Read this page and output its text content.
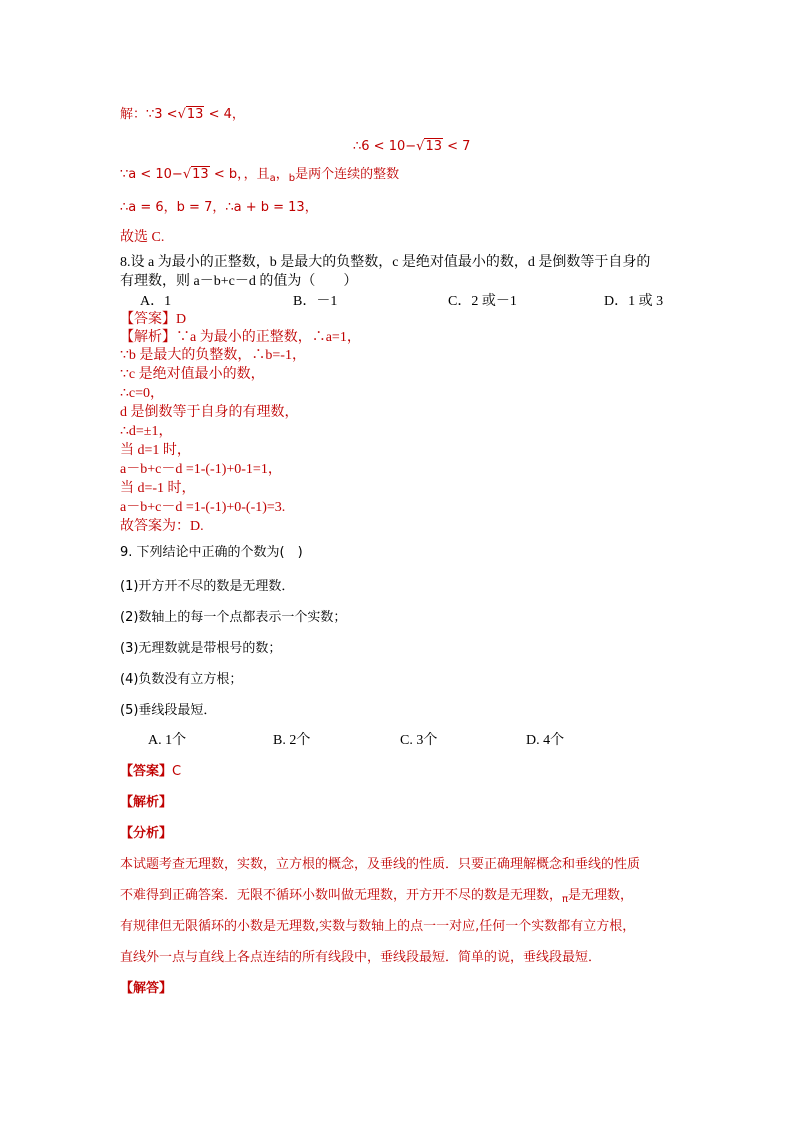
解：∵3 <√13 < 4，
∴6 < 10−√13 < 7
∵a < 10−√13 < b，，且$_a$，$_b$是两个连续的整数
∴a = 6，b = 7，∴a + b = 13，
故选 C.
8.设 a 为最小的正整数，b 是最大的负整数，c 是绝对值最小的数，d 是倒数等于自身的
有理数，则 a－b+c－d 的值为（　　）
A．1	B．－1	C．2 或－1	D．1 或 3
【答案】D
【解析】∵a 为最小的正整数，∴a=1，
∵b 是最大的负整数，∴b=-1，
∵c 是绝对值最小的数，
∴c=0，
d 是倒数等于自身的有理数，
∴d=±1，
当 d=1 时，
a－b+c－d =1-(-1)+0-1=1，
当 d=-1 时，
a－b+c－d =1-(-1)+0-(-1)=3.
故答案为：D.
9. 下列结论中正确的个数为(　)
(1)开方开不尽的数是无理数．
(2)数轴上的每一个点都表示一个实数；
(3)无理数就是带根号的数；
(4)负数没有立方根；
(5)垂线段最短．
A. 1个	B. 2个	C. 3个	D. 4个
【答案】C
【解析】
【分析】
本试题考查无理数，实数，立方根的概念，及垂线的性质．只要正确理解概念和垂线的性质
不难得到正确答案．无限不循环小数叫做无理数，开方开不尽的数是无理数，$_\pi$是无理数，
有规律但无限循环的小数是无理数,实数与数轴上的点一一对应,任何一个实数都有立方根，
直线外一点与直线上各点连结的所有线段中，垂线段最短．简单的说，垂线段最短．
【解答】
